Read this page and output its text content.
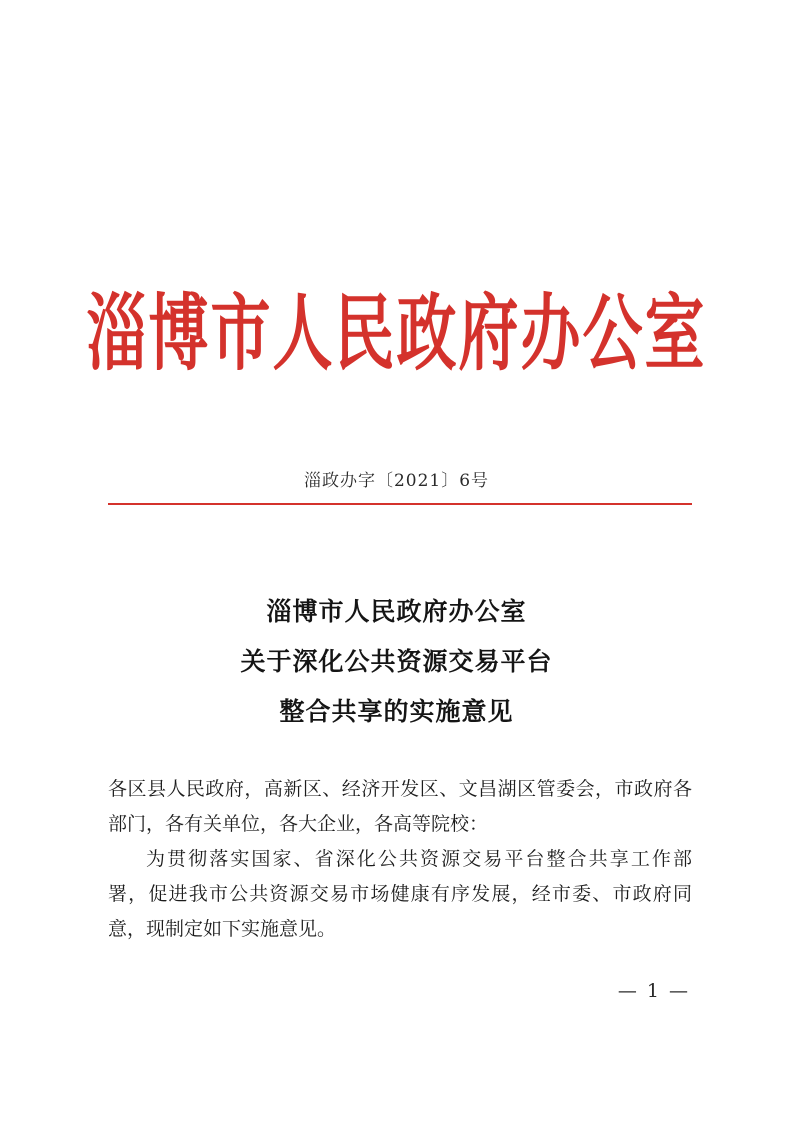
淄博市人民政府办公室
淄政办字〔2021〕6号
淄博市人民政府办公室
关于深化公共资源交易平台
整合共享的实施意见
各区县人民政府，高新区、经济开发区、文昌湖区管委会，市政府各
部门，各有关单位，各大企业，各高等院校：
为贯彻落实国家、省深化公共资源交易平台整合共享工作部
署，促进我市公共资源交易市场健康有序发展，经市委、市政府同
意，现制定如下实施意见。
— 1 —
